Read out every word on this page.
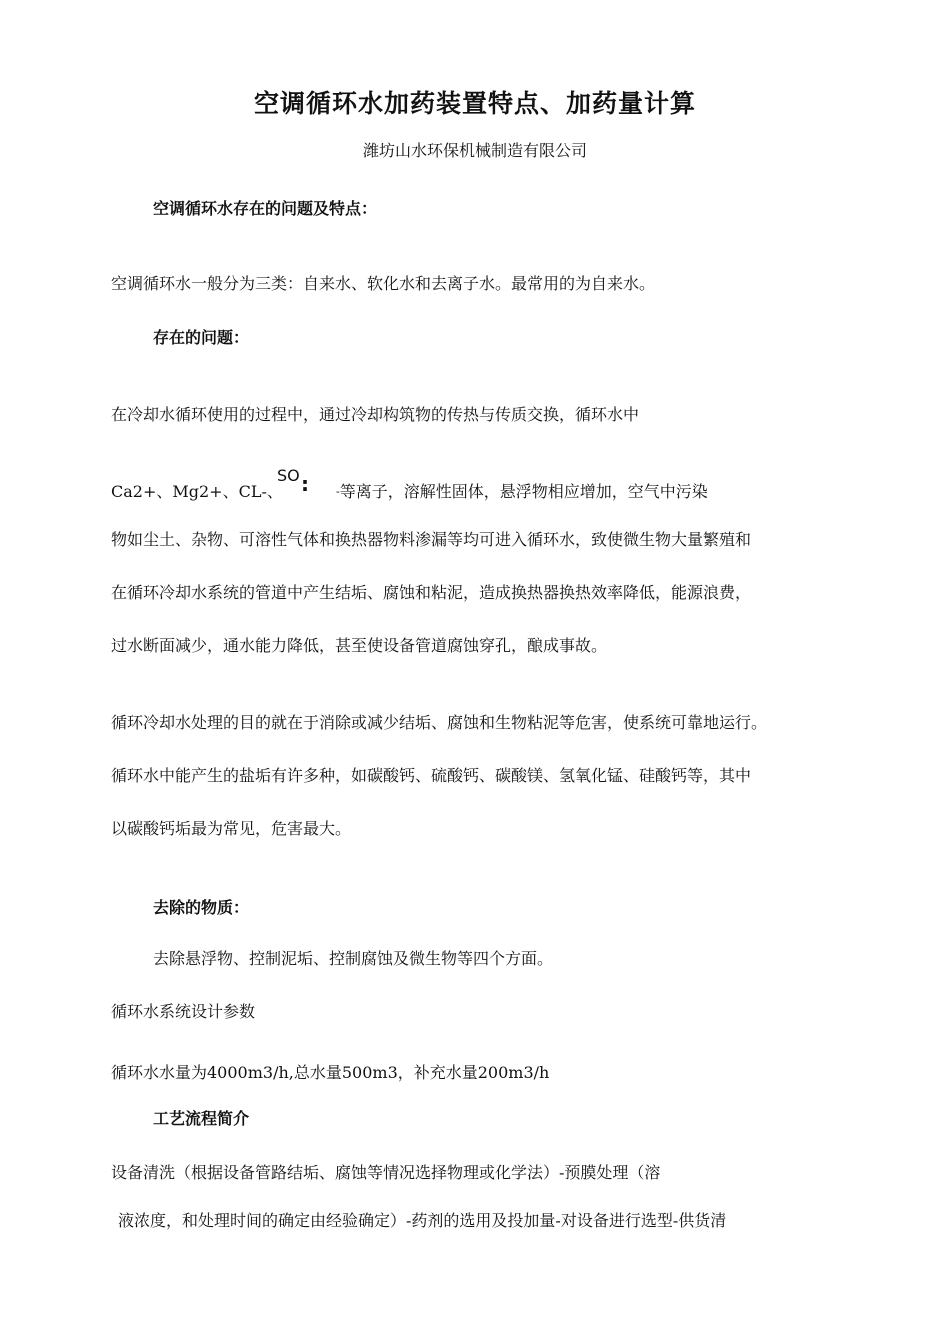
空调循环水加药装置特点、加药量计算

潍坊山水环保机械制造有限公司

空调循环水存在的问题及特点：

空调循环水一般分为三类：自来水、软化水和去离子水。最常用的为自来水。

存在的问题：

在冷却水循环使用的过程中，通过冷却构筑物的传热与传质交换，循环水中

Ca2+、Mg2+、CL-、

SO : -等离子，溶解性固体，悬浮物相应增加，空气中污染

物如尘土、杂物、可溶性气体和换热器物料渗漏等均可进入循环水，致使微生物大量繁殖和

在循环冷却水系统的管道中产生结垢、腐蚀和粘泥，造成换热器换热效率降低，能源浪费，

过水断面减少，通水能力降低，甚至使设备管道腐蚀穿孔，酿成事故。

循环冷却水处理的目的就在于消除或减少结垢、腐蚀和生物粘泥等危害，使系统可靠地运行。

循环水中能产生的盐垢有许多种，如碳酸钙、硫酸钙、碳酸镁、氢氧化锰、硅酸钙等，其中

以碳酸钙垢最为常见，危害最大。

去除的物质：

去除悬浮物、控制泥垢、控制腐蚀及微生物等四个方面。

循环水系统设计参数

循环水水量为4000m3/h,总水量500m3，补充水量200m3/h

工艺流程简介

设备清洗（根据设备管路结垢、腐蚀等情况选择物理或化学法）-预膜处理（溶

液浓度，和处理时间的确定由经验确定）-药剂的选用及投加量-对设备进行选型-供货清
